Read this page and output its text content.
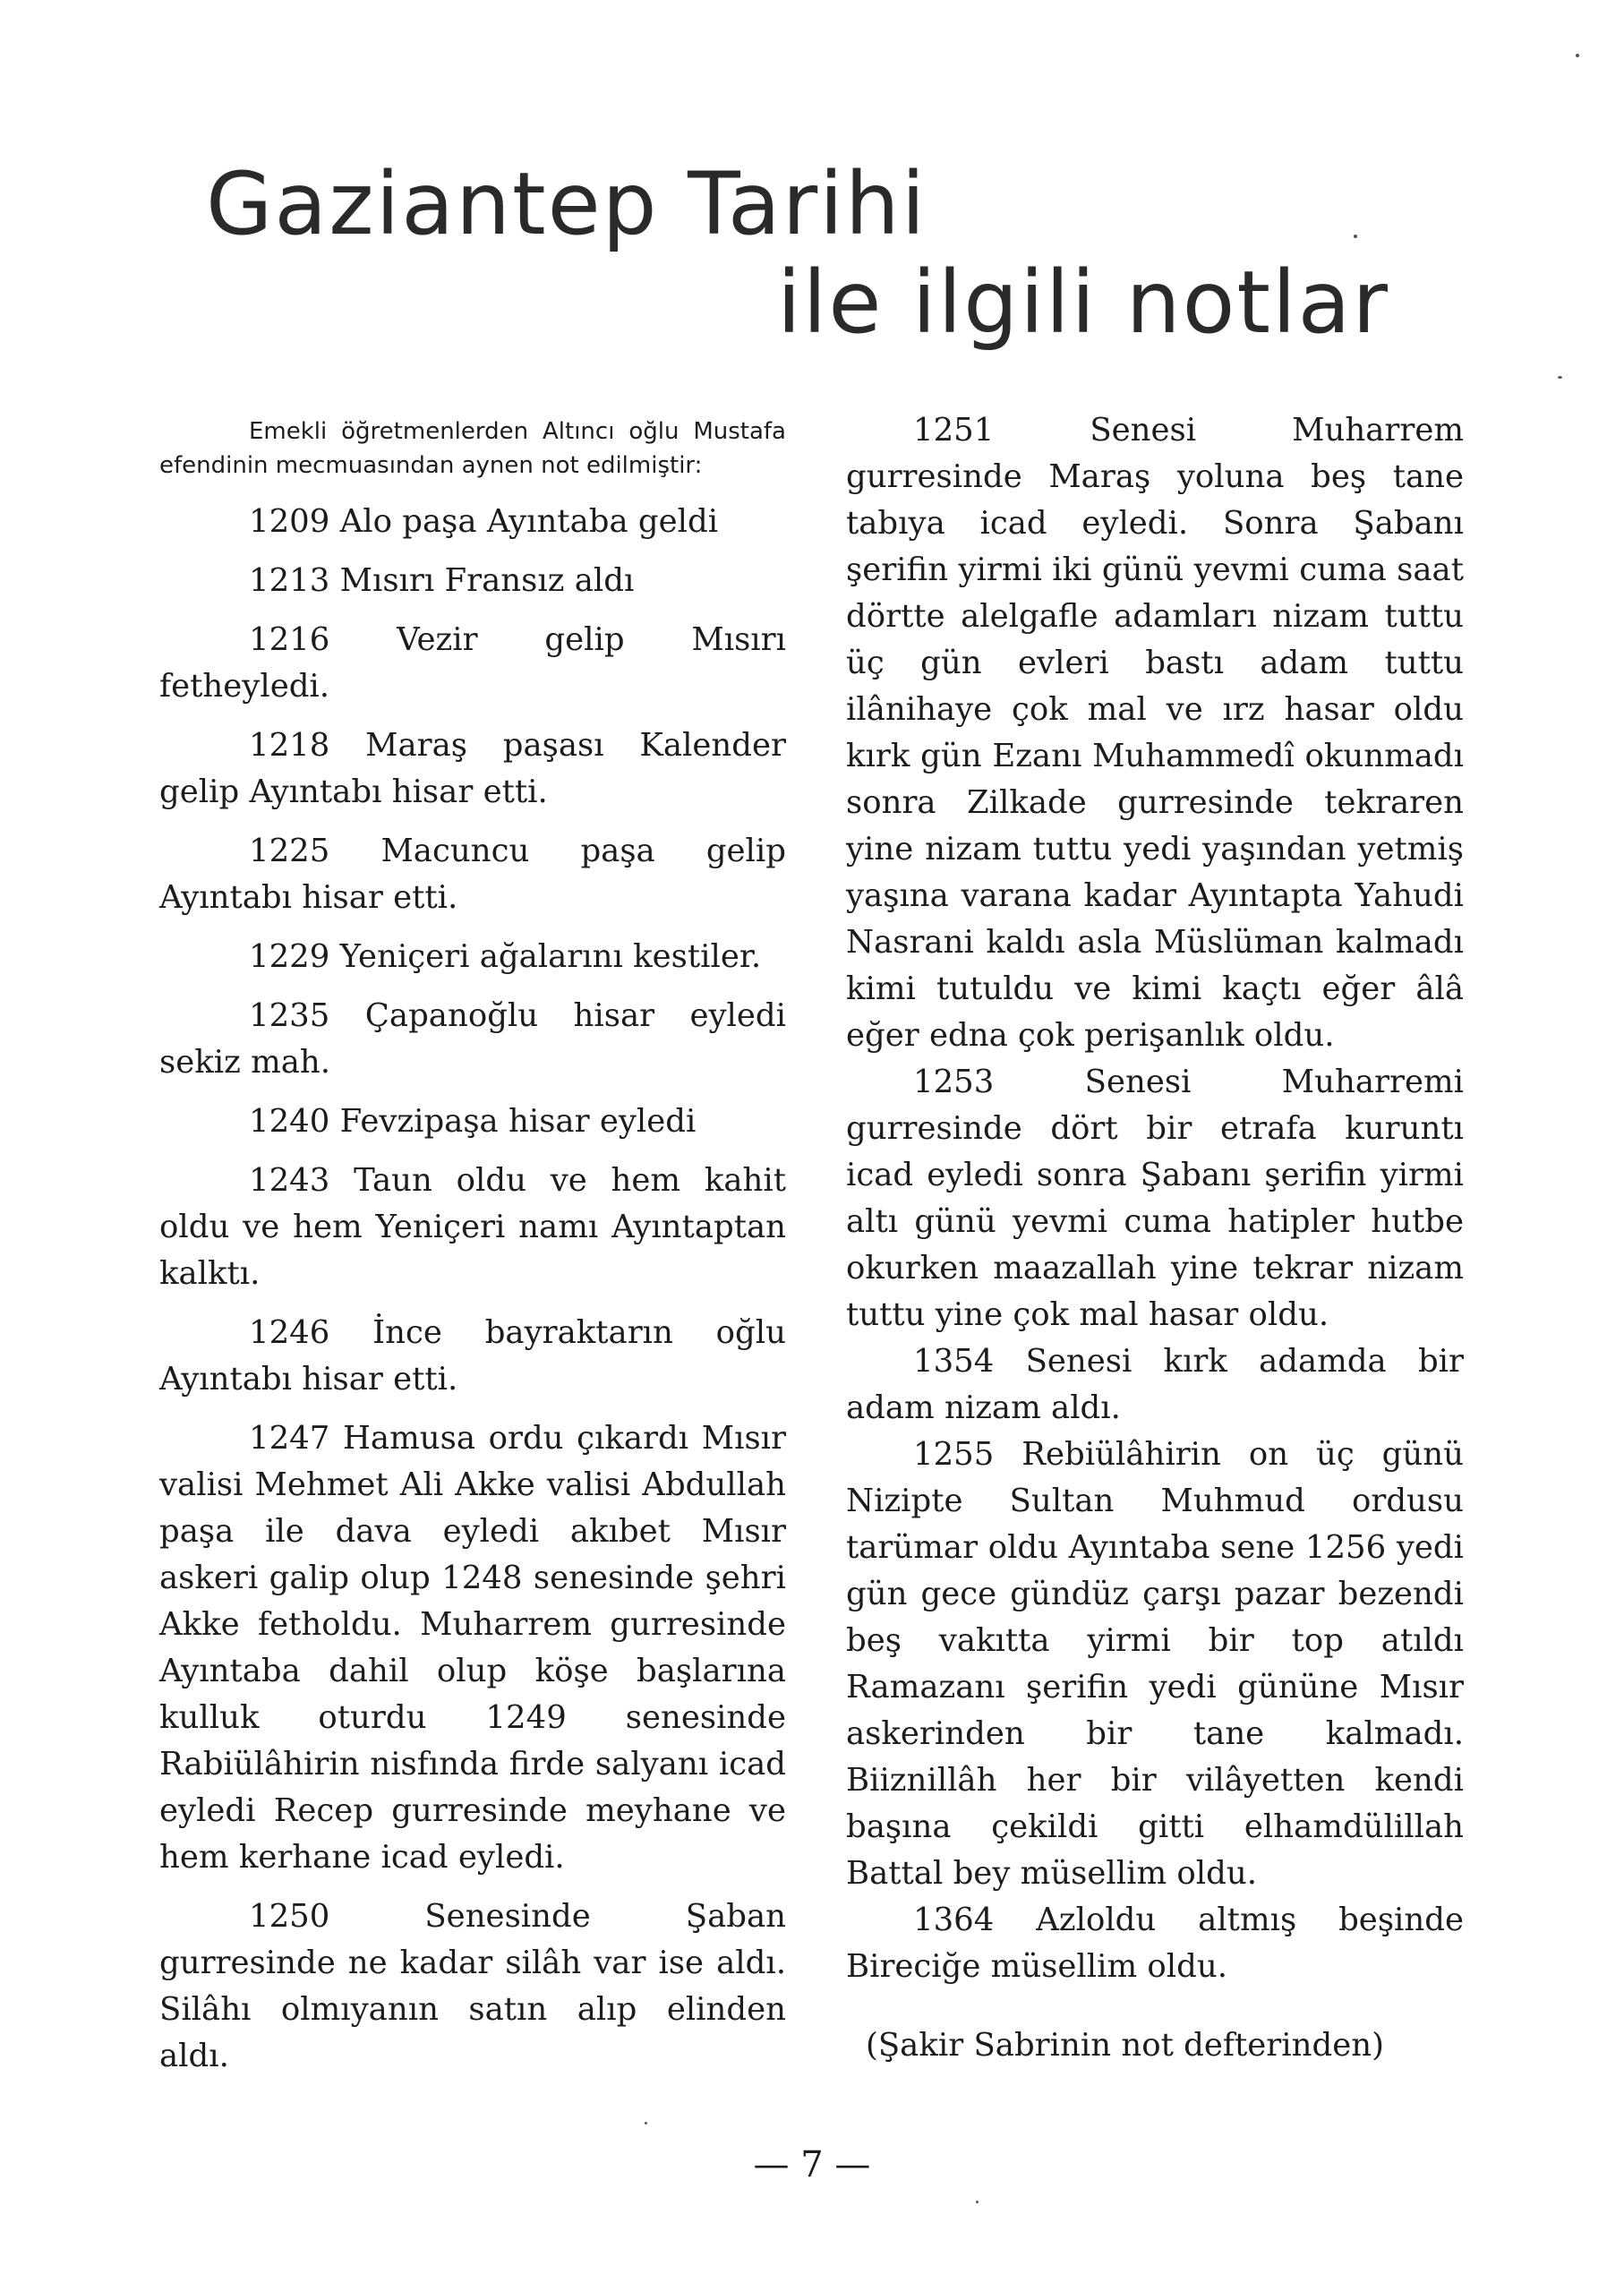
Gaziantep Tarihi
ile ilgili notlar

Emekli öğretmenlerden Altıncı oğlu Mustafa efendinin mecmuasından aynen not edilmiştir:

1209 Alo paşa Ayıntaba geldi

1213 Mısırı Fransız aldı

1216 Vezir gelip Mısırı fetheyledi.

1218 Maraş paşası Kalender gelip Ayıntabı hisar etti.

1225 Macuncu paşa gelip Ayıntabı hisar etti.

1229 Yeniçeri ağalarını kestiler.

1235 Çapanoğlu hisar eyledi sekiz mah.

1240 Fevzipaşa hisar eyledi

1243 Taun oldu ve hem kahit oldu ve hem Yeniçeri namı Ayıntaptan kalktı.

1246 İnce bayraktarın oğlu Ayıntabı hisar etti.

1247 Hamusa ordu çıkardı Mısır valisi Mehmet Ali Akke valisi Abdullah paşa ile dava eyledi akıbet Mısır askeri galip olup 1248 senesinde şehri Akke fetholdu. Muharrem gurresinde Ayıntaba dahil olup köşe başlarına kulluk oturdu 1249 senesinde Rabiülâhirin nisfında firde salyanı icad eyledi Recep gurresinde meyhane ve hem kerhane icad eyledi.

1250 Senesinde Şaban gurresinde ne kadar silâh var ise aldı. Silâhı olmıyanın satın alıp elinden aldı.

1251 Senesi Muharrem gurresinde Maraş yoluna beş tane tabıya icad eyledi. Sonra Şabanı şerifin yirmi iki günü yevmi cuma saat dörtte alelgafle adamları nizam tuttu üç gün evleri bastı adam tuttu ilânihaye çok mal ve ırz hasar oldu kırk gün Ezanı Muhammedî okunmadı sonra Zilkade gurresinde tekraren yine nizam tuttu yedi yaşından yetmiş yaşına varana kadar Ayıntapta Yahudi Nasrani kaldı asla Müslüman kalmadı kimi tutuldu ve kimi kaçtı eğer âlâ eğer edna çok perişanlık oldu.

1253 Senesi Muharremi gurresinde dört bir etrafa kuruntı icad eyledi sonra Şabanı şerifin yirmi altı günü yevmi cuma hatipler hutbe okurken maazallah yine tekrar nizam tuttu yine çok mal hasar oldu.

1354 Senesi kırk adamda bir adam nizam aldı.

1255 Rebiülâhirin on üç günü Nizipte Sultan Muhmud ordusu tarümar oldu Ayıntaba sene 1256 yedi gün gece gündüz çarşı pazar bezendi beş vakıtta yirmi bir top atıldı Ramazanı şerifin yedi gününe Mısır askerinden bir tane kalmadı. Biiznillâh her bir vilâyetten kendi başına çekildi gitti elhamdülillah Battal bey müsellim oldu.

1364 Azloldu altmış beşinde Bireciğe müsellim oldu.

(Şakir Sabrinin not defterinden)

— 7 —
